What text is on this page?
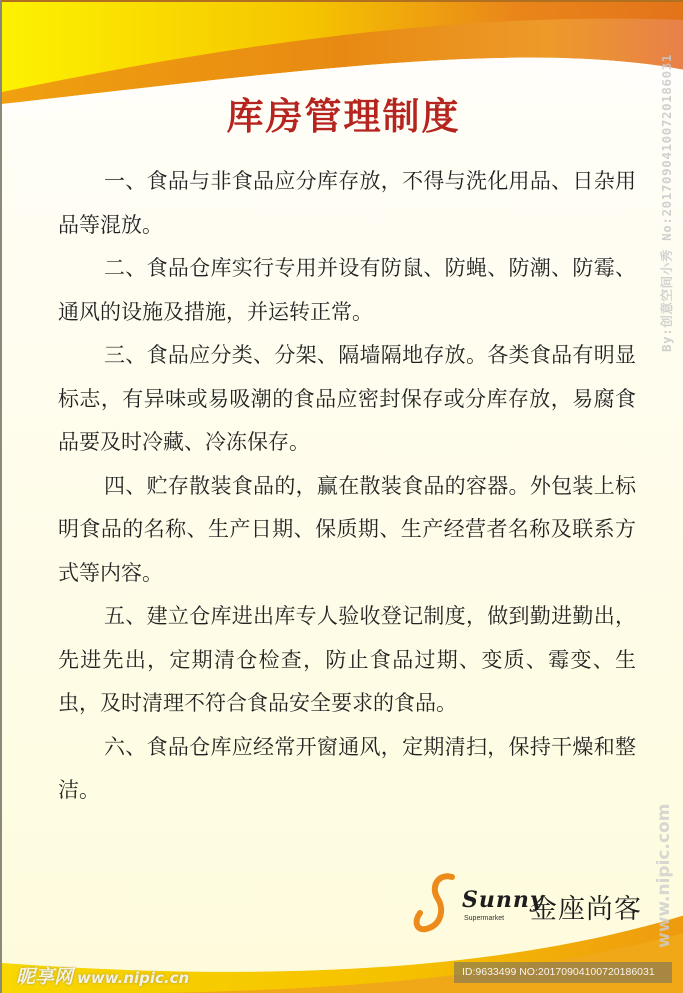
库房管理制度

一、食品与非食品应分库存放，不得与洗化用品、日杂用品等混放。

二、食品仓库实行专用并设有防鼠、防蝇、防潮、防霉、通风的设施及措施，并运转正常。

三、食品应分类、分架、隔墙隔地存放。各类食品有明显标志，有异味或易吸潮的食品应密封保存或分库存放，易腐食品要及时冷藏、冷冻保存。

四、贮存散装食品的，赢在散装食品的容器。外包装上标明食品的名称、生产日期、保质期、生产经营者名称及联系方式等内容。

五、建立仓库进出库专人验收登记制度，做到勤进勤出，先进先出，定期清仓检查，防止食品过期、变质、霉变、生虫，及时清理不符合食品安全要求的食品。

六、食品仓库应经常开窗通风，定期清扫，保持干燥和整洁。

Sunny
Supermarket 金座尚客
昵享网 www.nipic.cn	ID:9633499 NO:20170904100720186031
By:创意空间小秀 No:20170904100720186031
www.nipic.com
